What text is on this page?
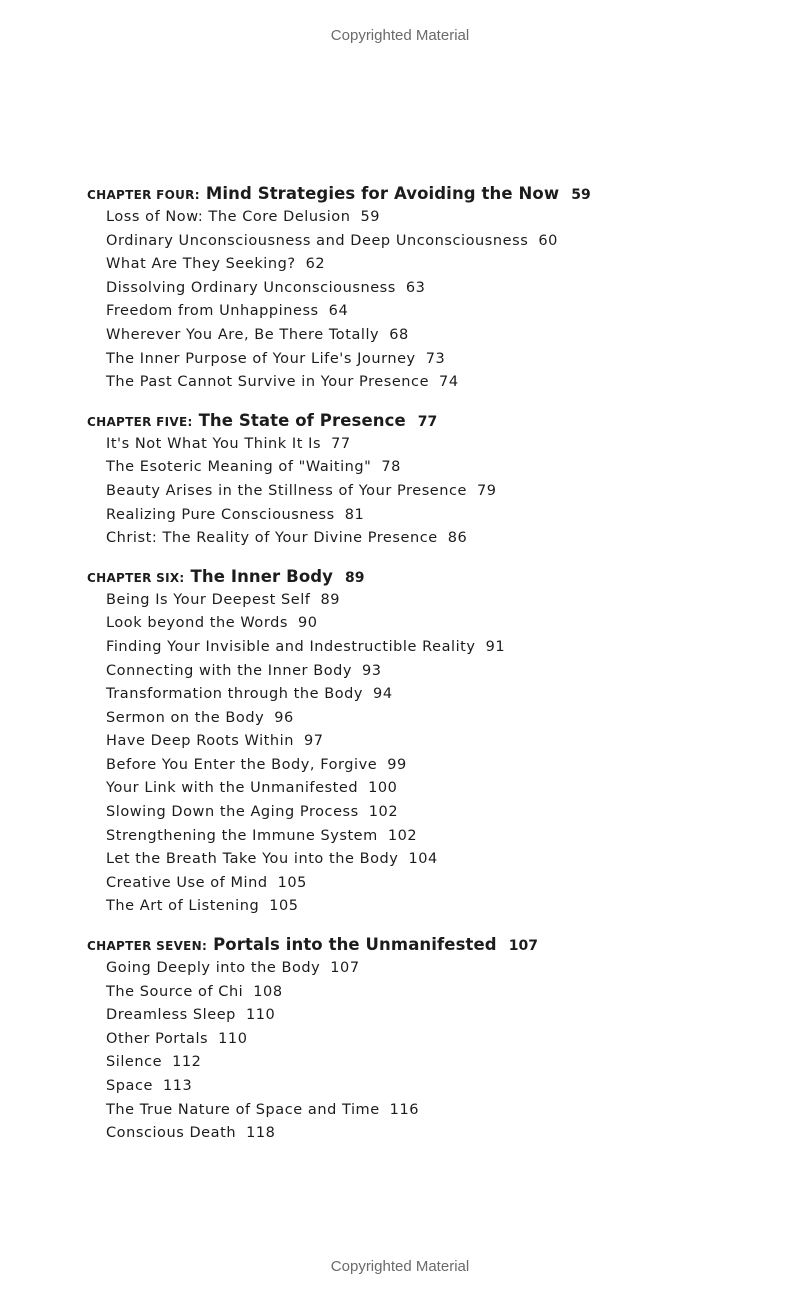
Copyrighted Material
CHAPTER FOUR: Mind Strategies for Avoiding the Now 59
Loss of Now: The Core Delusion 59
Ordinary Unconsciousness and Deep Unconsciousness 60
What Are They Seeking? 62
Dissolving Ordinary Unconsciousness 63
Freedom from Unhappiness 64
Wherever You Are, Be There Totally 68
The Inner Purpose of Your Life's Journey 73
The Past Cannot Survive in Your Presence 74
CHAPTER FIVE: The State of Presence 77
It's Not What You Think It Is 77
The Esoteric Meaning of "Waiting" 78
Beauty Arises in the Stillness of Your Presence 79
Realizing Pure Consciousness 81
Christ: The Reality of Your Divine Presence 86
CHAPTER SIX: The Inner Body 89
Being Is Your Deepest Self 89
Look beyond the Words 90
Finding Your Invisible and Indestructible Reality 91
Connecting with the Inner Body 93
Transformation through the Body 94
Sermon on the Body 96
Have Deep Roots Within 97
Before You Enter the Body, Forgive 99
Your Link with the Unmanifested 100
Slowing Down the Aging Process 102
Strengthening the Immune System 102
Let the Breath Take You into the Body 104
Creative Use of Mind 105
The Art of Listening 105
CHAPTER SEVEN: Portals into the Unmanifested 107
Going Deeply into the Body 107
The Source of Chi 108
Dreamless Sleep 110
Other Portals 110
Silence 112
Space 113
The True Nature of Space and Time 116
Conscious Death 118
Copyrighted Material
